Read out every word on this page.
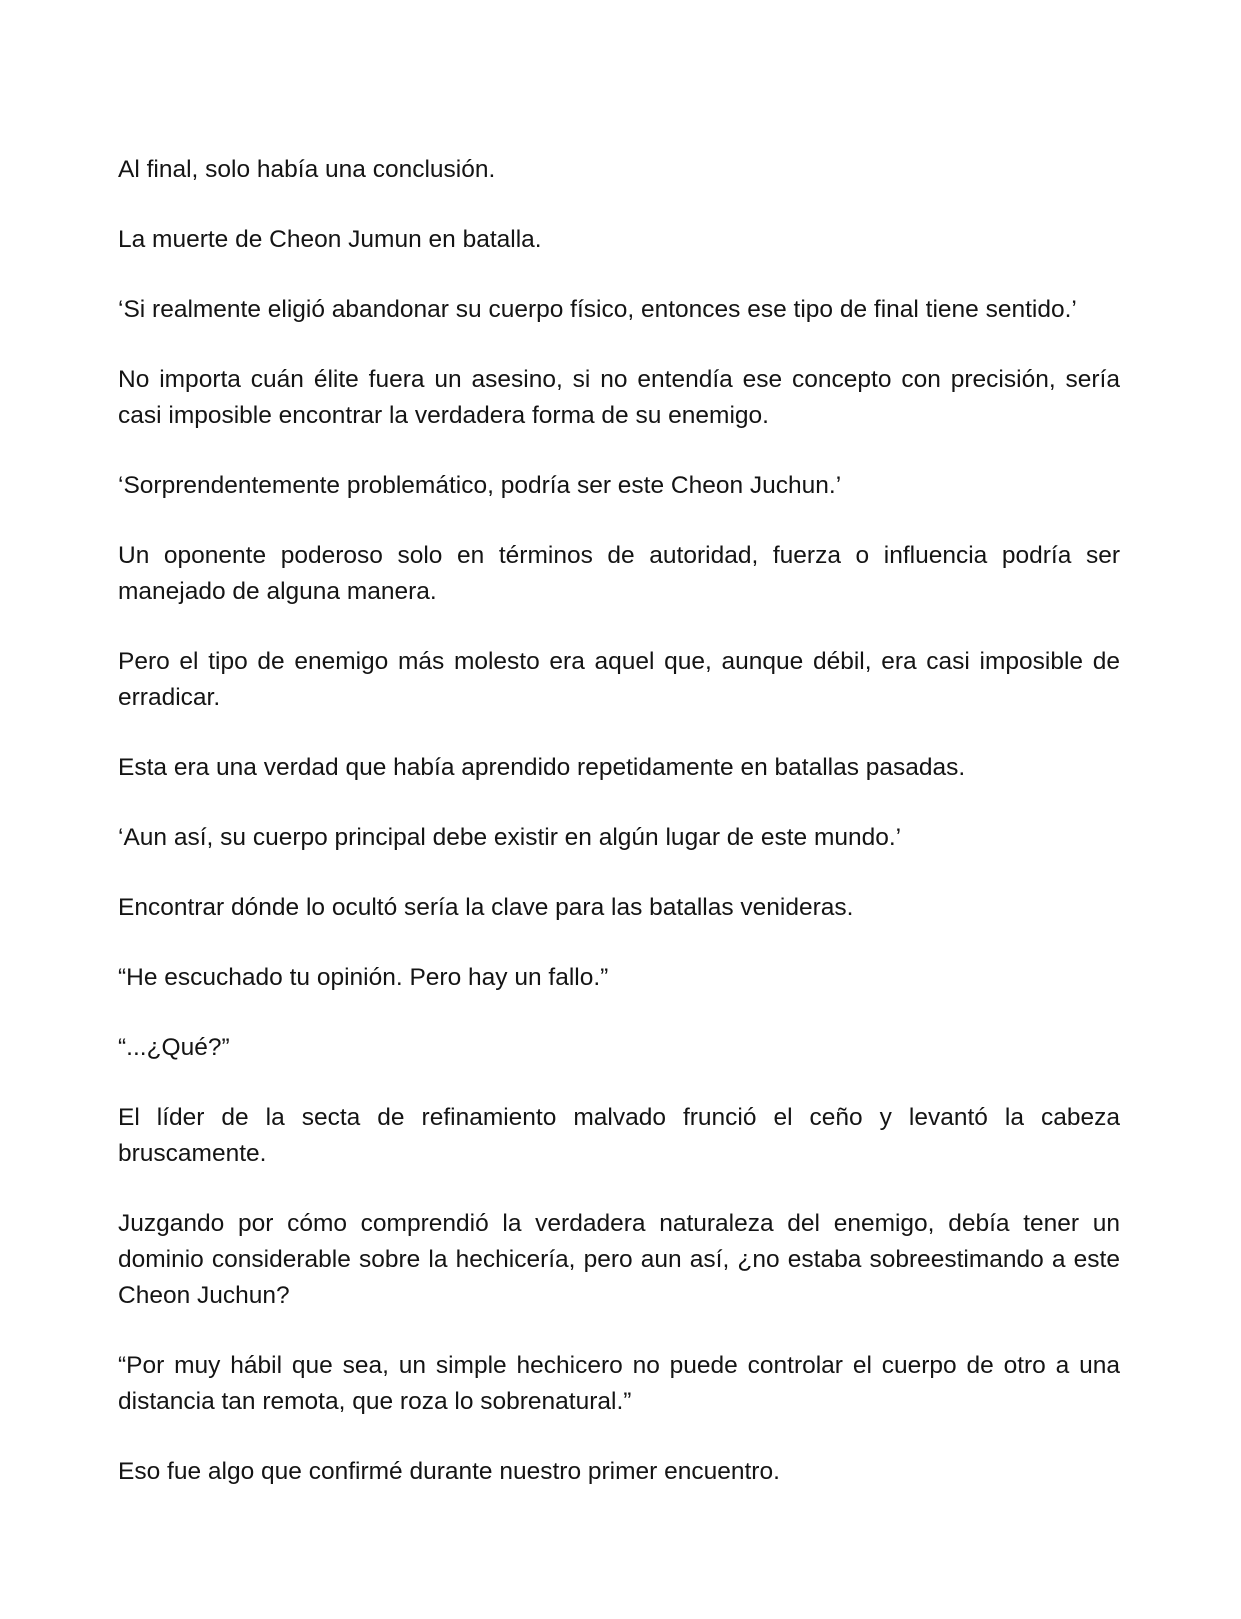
Al final, solo había una conclusión.

La muerte de Cheon Jumun en batalla.

‘Si realmente eligió abandonar su cuerpo físico, entonces ese tipo de final tiene sentido.’

No importa cuán élite fuera un asesino, si no entendía ese concepto con precisión, sería casi imposible encontrar la verdadera forma de su enemigo.

‘Sorprendentemente problemático, podría ser este Cheon Juchun.’

Un oponente poderoso solo en términos de autoridad, fuerza o influencia podría ser manejado de alguna manera.

Pero el tipo de enemigo más molesto era aquel que, aunque débil, era casi imposible de erradicar.

Esta era una verdad que había aprendido repetidamente en batallas pasadas.

‘Aun así, su cuerpo principal debe existir en algún lugar de este mundo.’

Encontrar dónde lo ocultó sería la clave para las batallas venideras.

“He escuchado tu opinión. Pero hay un fallo.”

“...¿Qué?”

El líder de la secta de refinamiento malvado frunció el ceño y levantó la cabeza bruscamente.

Juzgando por cómo comprendió la verdadera naturaleza del enemigo, debía tener un dominio considerable sobre la hechicería, pero aun así, ¿no estaba sobreestimando a este Cheon Juchun?

“Por muy hábil que sea, un simple hechicero no puede controlar el cuerpo de otro a una distancia tan remota, que roza lo sobrenatural.”

Eso fue algo que confirmé durante nuestro primer encuentro.
